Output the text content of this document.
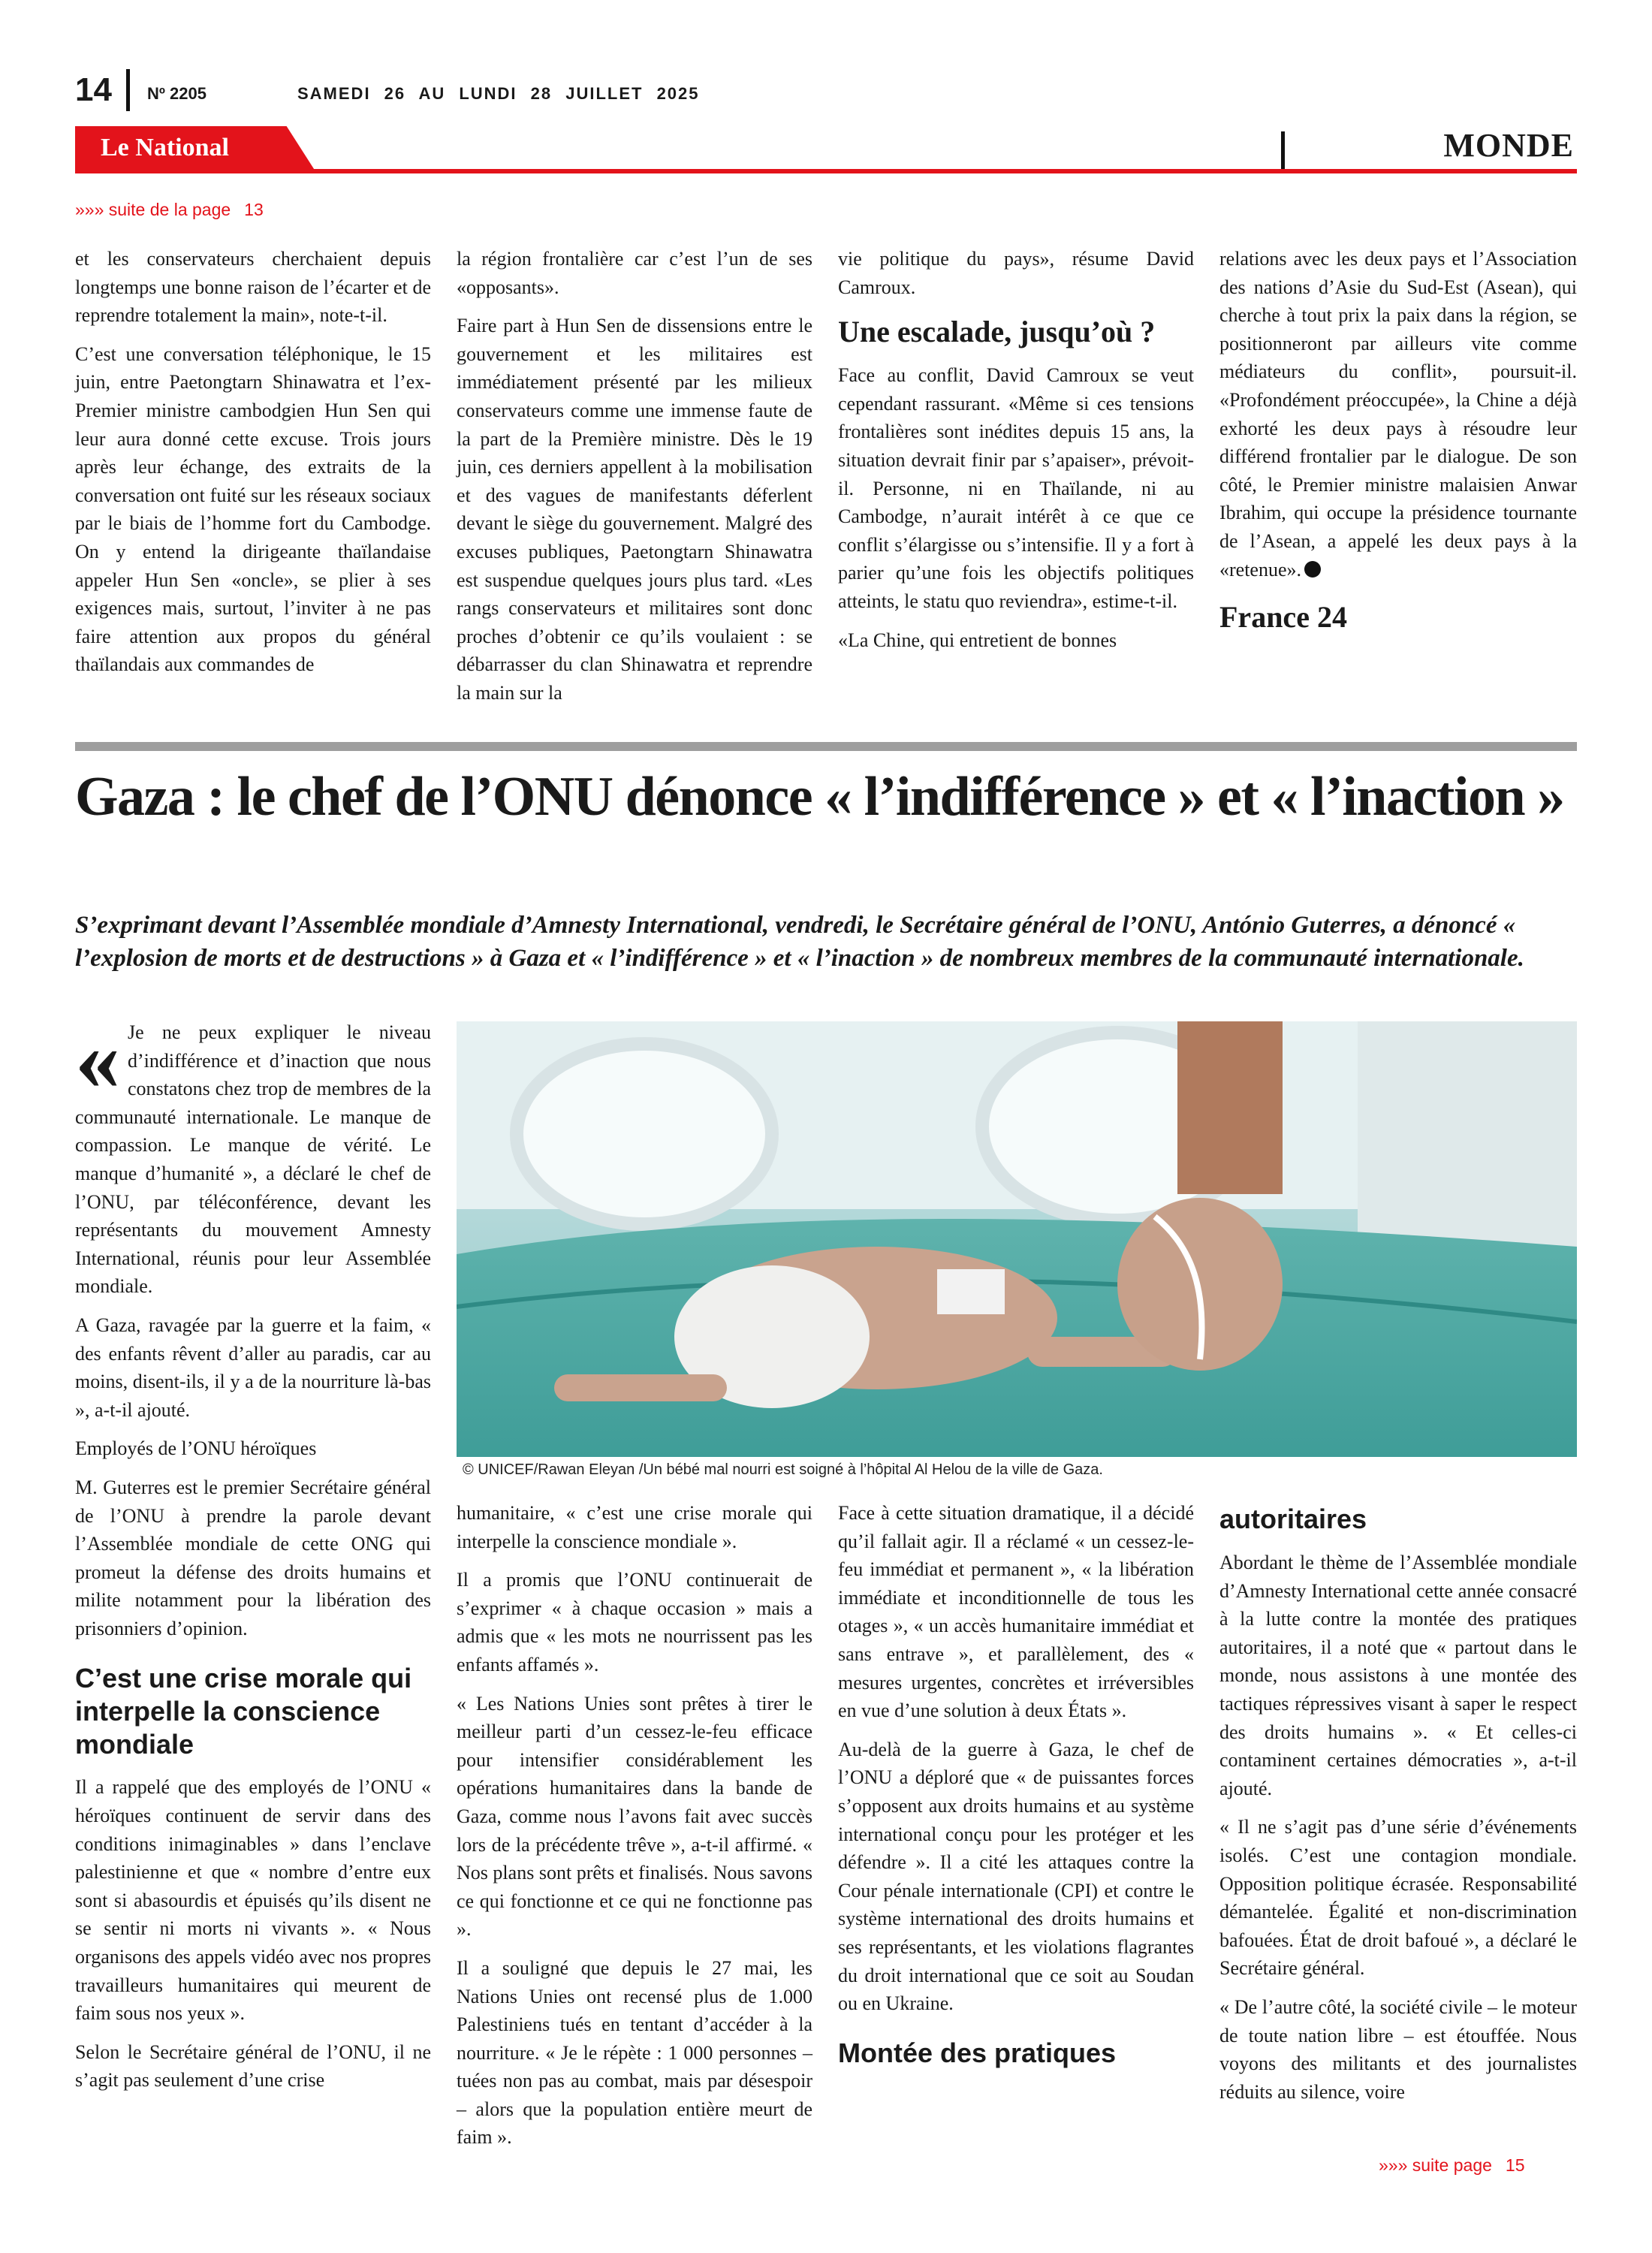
14 Nº 2205	SAMEDI 26 AU LUNDI 28 JUILLET 2025
Le National	MONDE
»»» suite de la page 13

et les conservateurs cherchaient depuis longtemps une bonne raison de l’écarter et de reprendre totalement la main», note-t-il.

C’est une conversation téléphonique, le 15 juin, entre Paetongtarn Shinawatra et l’ex-Premier ministre cambodgien Hun Sen qui leur aura donné cette excuse. Trois jours après leur échange, des extraits de la conversation ont fuité sur les réseaux sociaux par le biais de l’homme fort du Cambodge. On y entend la dirigeante thaïlandaise appeler Hun Sen «oncle», se plier à ses exigences mais, surtout, l’inviter à ne pas faire attention aux propos du général thaïlandais aux commandes de

la région frontalière car c’est l’un de ses «opposants».

Faire part à Hun Sen de dissensions entre le gouvernement et les militaires est immédiatement présenté par les milieux conservateurs comme une immense faute de la part de la Première ministre. Dès le 19 juin, ces derniers appellent à la mobilisation et des vagues de manifestants déferlent devant le siège du gouvernement. Malgré des excuses publiques, Paetongtarn Shinawatra est suspendue quelques jours plus tard. «Les rangs conservateurs et militaires sont donc proches d’obtenir ce qu’ils voulaient : se débarrasser du clan Shinawatra et reprendre la main sur la

vie politique du pays», résume David Camroux.

Une escalade, jusqu’où ?

Face au conflit, David Camroux se veut cependant rassurant. «Même si ces tensions frontalières sont inédites depuis 15 ans, la situation devrait finir par s’apaiser», prévoit-il. Personne, ni en Thaïlande, ni au Cambodge, n’aurait intérêt à ce que ce conflit s’élargisse ou s’intensifie. Il y a fort à parier qu’une fois les objectifs politiques atteints, le statu quo reviendra», estime-t-il.

«La Chine, qui entretient de bonnes

relations avec les deux pays et l’Association des nations d’Asie du Sud-Est (Asean), qui cherche à tout prix la paix dans la région, se positionneront par ailleurs vite comme médiateurs du conflit», poursuit-il. «Profondément préoccupée», la Chine a déjà exhorté les deux pays à résoudre leur différend frontalier par le dialogue. De son côté, le Premier ministre malaisien Anwar Ibrahim, qui occupe la présidence tournante de l’Asean, a appelé les deux pays à la «retenue».

France 24
Gaza : le chef de l’ONU dénonce « l’indifférence » et « l’inaction »
S’exprimant devant l’Assemblée mondiale d’Amnesty International, vendredi, le Secrétaire général de l’ONU, António Guterres, a dénoncé « l’explosion de morts et de destructions » à Gaza et « l’indifférence » et « l’inaction » de nombreux membres de la communauté internationale.

« Je ne peux expliquer le niveau d’indifférence et d’inaction que nous constatons chez trop de membres de la communauté internationale. Le manque de compassion. Le manque de vérité. Le manque d’humanité », a déclaré le chef de l’ONU, par téléconférence, devant les représentants du mouvement Amnesty International, réunis pour leur Assemblée mondiale.

A Gaza, ravagée par la guerre et la faim, « des enfants rêvent d’aller au paradis, car au moins, disent-ils, il y a de la nourriture là-bas », a-t-il ajouté.

Employés de l’ONU héroïques

M. Guterres est le premier Secrétaire général de l’ONU à prendre la parole devant l’Assemblée mondiale de cette ONG qui promeut la défense des droits humains et milite notamment pour la libération des prisonniers d’opinion.

C’est une crise morale qui interpelle la conscience mondiale

Il a rappelé que des employés de l’ONU « héroïques continuent de servir dans des conditions inimaginables » dans l’enclave palestinienne et que « nombre d’entre eux sont si abasourdis et épuisés qu’ils disent ne se sentir ni morts ni vivants ». « Nous organisons des appels vidéo avec nos propres travailleurs humanitaires qui meurent de faim sous nos yeux ».

Selon le Secrétaire général de l’ONU, il ne s’agit pas seulement d’une crise

© UNICEF/Rawan Eleyan /Un bébé mal nourri est soigné à l’hôpital Al Helou de la ville de Gaza.

humanitaire, « c’est une crise morale qui interpelle la conscience mondiale ».

Il a promis que l’ONU continuerait de s’exprimer « à chaque occasion » mais a admis que « les mots ne nourrissent pas les enfants affamés ».

« Les Nations Unies sont prêtes à tirer le meilleur parti d’un cessez-le-feu efficace pour intensifier considérablement les opérations humanitaires dans la bande de Gaza, comme nous l’avons fait avec succès lors de la précédente trêve », a-t-il affirmé. « Nos plans sont prêts et finalisés. Nous savons ce qui fonctionne et ce qui ne fonctionne pas ».

Il a souligné que depuis le 27 mai, les Nations Unies ont recensé plus de 1.000 Palestiniens tués en tentant d’accéder à la nourriture. « Je le répète : 1 000 personnes – tuées non pas au combat, mais par désespoir – alors que la population entière meurt de faim ».

Face à cette situation dramatique, il a décidé qu’il fallait agir. Il a réclamé « un cessez-le-feu immédiat et permanent », « la libération immédiate et inconditionnelle de tous les otages », « un accès humanitaire immédiat et sans entrave », et parallèlement, des « mesures urgentes, concrètes et irréversibles en vue d’une solution à deux États ».

Au-delà de la guerre à Gaza, le chef de l’ONU a déploré que « de puissantes forces s’opposent aux droits humains et au système international conçu pour les protéger et les défendre ». Il a cité les attaques contre la Cour pénale internationale (CPI) et contre le système international des droits humains et ses représentants, et les violations flagrantes du droit international que ce soit au Soudan ou en Ukraine.

Montée des pratiques
autoritaires

Abordant le thème de l’Assemblée mondiale d’Amnesty International cette année consacré à la lutte contre la montée des pratiques autoritaires, il a noté que « partout dans le monde, nous assistons à une montée des tactiques répressives visant à saper le respect des droits humains ». « Et celles-ci contaminent certaines démocraties », a-t-il ajouté.

« Il ne s’agit pas d’une série d’événements isolés. C’est une contagion mondiale. Opposition politique écrasée. Responsabilité démantelée. Égalité et non-discrimination bafouées. État de droit bafoué », a déclaré le Secrétaire général.

« De l’autre côté, la société civile – le moteur de toute nation libre – est étouffée. Nous voyons des militants et des journalistes réduits au silence, voire

»»» suite page 15
